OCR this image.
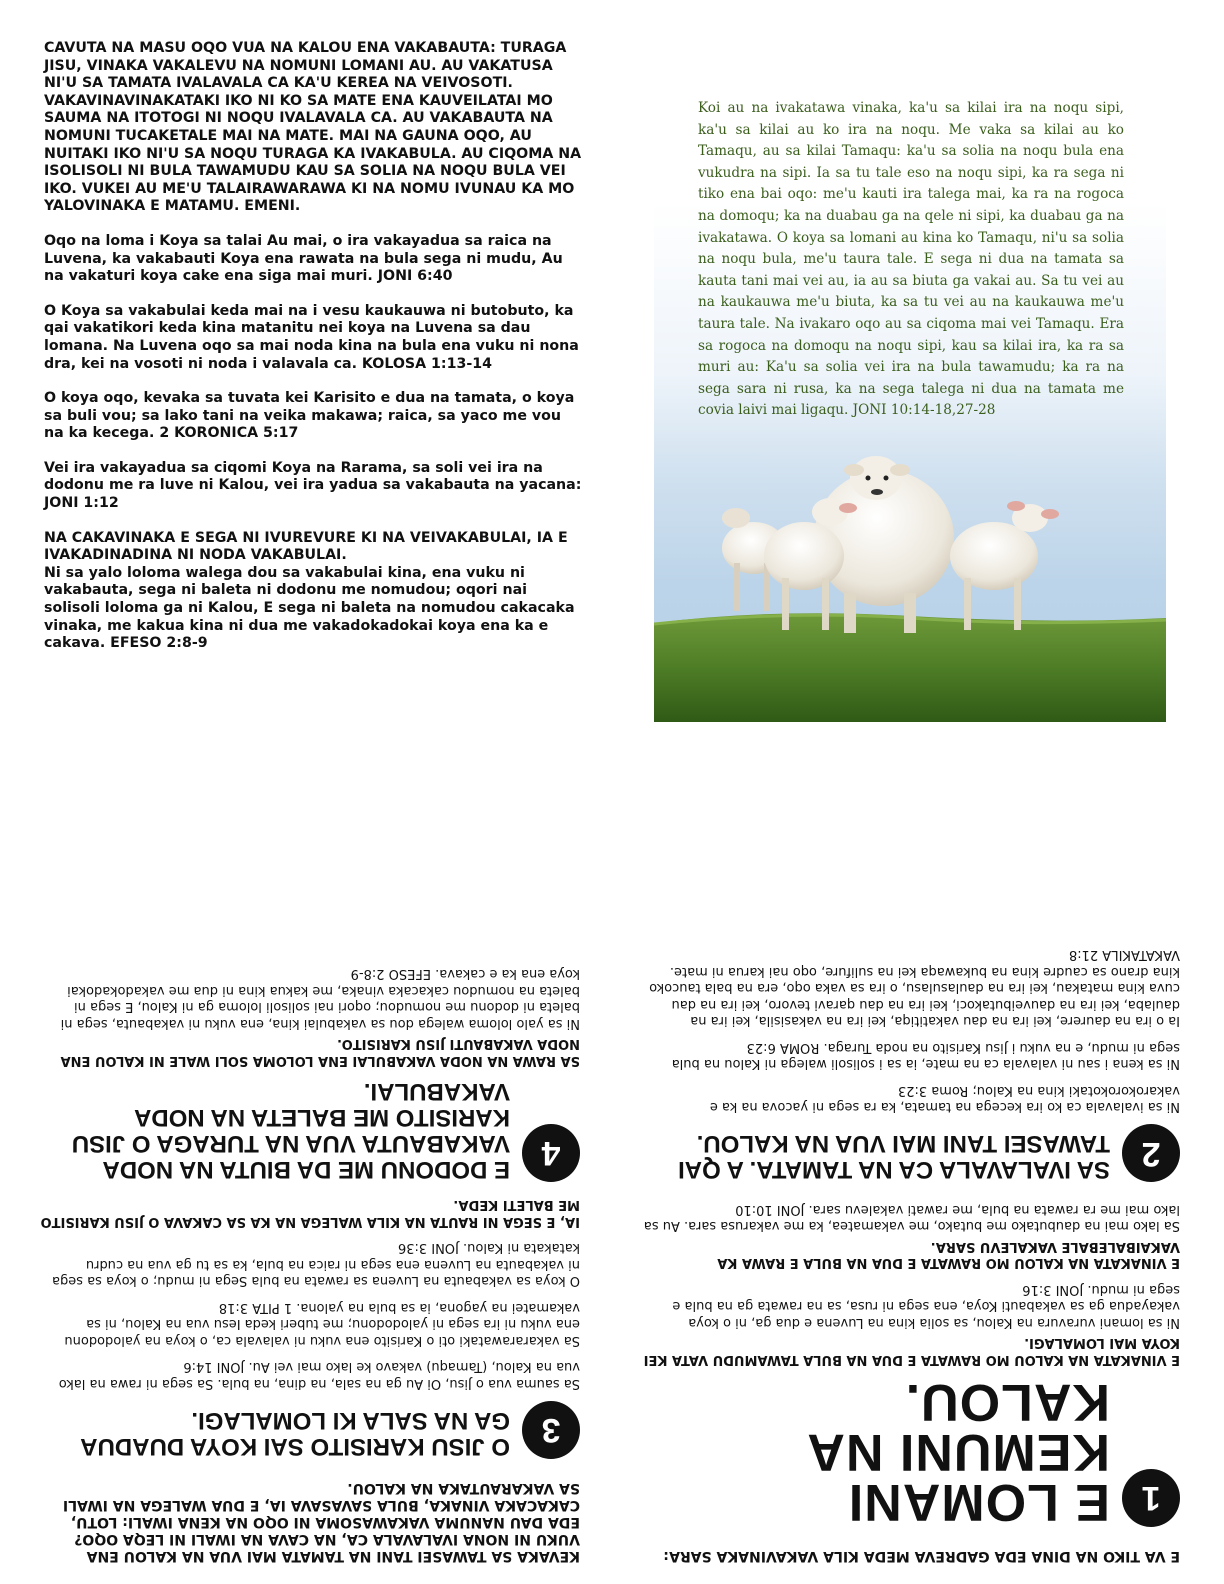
CAVUTA NA MASU OQO VUA NA KALOU ENA VAKABAUTA: TURAGA JISU, VINAKA VAKALEVU NA NOMUNI LOMANI AU. AU VAKATUSA NI'U SA TAMATA IVALAVALA CA KA'U KEREA NA VEIVOSOTI. VAKAVINAVINAKATAKI IKO NI KO SA MATE ENA KAUVEILATAI MO SAUMA NA ITOTOGI NI NOQU IVALAVALA CA. AU VAKABAUTA NA NOMUNI TUCAKETALE MAI NA MATE. MAI NA GAUNA OQO, AU NUITAKI IKO NI'U SA NOQU TURAGA KA IVAKABULA. AU CIQOMA NA ISOLISOLI NI BULA TAWAMUDU KAU SA SOLIA NA NOQU BULA VEI IKO. VUKEI AU ME'U TALAIRAWARAWA KI NA NOMU IVUNAU KA MO YALOVINAKA E MATAMU. EMENI.

Oqo na loma i Koya sa talai Au mai, o ira vakayadua sa raica na Luvena, ka vakabauti Koya ena rawata na bula sega ni mudu, Au na vakaturi koya cake ena siga mai muri. JONI 6:40

O Koya sa vakabulai keda mai na i vesu kaukauwa ni butobuto, ka qai vakatikori keda kina matanitu nei koya na Luvena sa dau lomana. Na Luvena oqo sa mai noda kina na bula ena vuku ni nona dra, kei na vosoti ni noda i valavala ca. KOLOSA 1:13-14

O koya oqo, kevaka sa tuvata kei Karisito e dua na tamata, o koya sa buli vou; sa lako tani na veika makawa; raica, sa yaco me vou na ka kecega. 2 KORONICA 5:17

Vei ira vakayadua sa ciqomi Koya na Rarama, sa soli vei ira na dodonu me ra luve ni Kalou, vei ira yadua sa vakabauta na yacana: JONI 1:12

NA CAKAVINAKA E SEGA NI IVUREVURE KI NA VEIVAKABULAI, IA E IVAKADINADINA NI NODA VAKABULAI.

Ni sa yalo loloma walega dou sa vakabulai kina, ena vuku ni vakabauta, sega ni baleta ni dodonu me nomudou; oqori nai solisoli loloma ga ni Kalou, E sega ni baleta na nomudou cakacaka vinaka, me kakua kina ni dua me vakadokadokai koya ena ka e cakava. EFESO 2:8-9

Koi au na ivakatawa vinaka, ka'u sa kilai ira na noqu sipi, ka'u sa kilai au ko ira na noqu. Me vaka sa kilai au ko Tamaqu, au sa kilai Tamaqu: ka'u sa solia na noqu bula ena vukudra na sipi. Ia sa tu tale eso na noqu sipi, ka ra sega ni tiko ena bai oqo: me'u kauti ira talega mai, ka ra na rogoca na domoqu; ka na duabau ga na qele ni sipi, ka duabau ga na ivakatawa. O koya sa lomani au kina ko Tamaqu, ni'u sa solia na noqu bula, me'u taura tale. E sega ni dua na tamata sa kauta tani mai vei au, ia au sa biuta ga vakai au. Sa tu vei au na kaukauwa me'u biuta, ka sa tu vei au na kaukauwa me'u taura tale. Na ivakaro oqo au sa ciqoma mai vei Tamaqu. Era sa rogoca na domoqu na noqu sipi, kau sa kilai ira, ka ra sa muri au: Ka'u sa solia vei ira na bula tawamudu; ka ra na sega sara ni rusa, ka na sega talega ni dua na tamata me covia laivi mai ligaqu. JONI 10:14-18,27-28

E VA TIKO NA DINA EDA GADREVA MEDA KILA VAKAVINAKA SARA:

1

E LOMANI KEMUNI NA KALOU.

E VINAKATA NA KALOU MO RAWATA E DUA NA BULA TAWAMUDU VATA KEI KOYA MAI LOMALAGI.

Ni sa lomani vuravura na Kalou, sa solia kina na Luvena e dua ga, ni o koya vakayadua ga sa vakabauti Koya, ena sega ni rusa, sa na rawata ga na bula e sega ni mudu. JONI 3:16

E VINAKATA NA KALOU MO RAWATA E DUA NA BULA E RAWA KA VAKAIBALEBALE VAKALEVU SARA.

Sa lako mai na daubutako me butako, me vakamatea, ka me vakarusa sara. Au sa lako mai me ra rawata na bula, me rawati vakalevu sara. JONI 10:10

2

SA IVALAVALA CA NA TAMATA. A QAI TAWASEI TANI MAI VUA NA KALOU.

Ni sa ivalavala ca ko ira kecega na tamata, ka ra sega ni yacova na ka e vakarokorokotaki kina na Kalou; Roma 3:23

Ni sa kena i sau ni valavala ca na mate, ia sa i solisoli walega ni Kalou na bula sega ni mudu, e na vuku i Jisu Karisito na noda Turaga. ROMA 6:23

Ia o ira na daurere, kei ira na dau vakatitiqa, kei ira na vakasisila, kei ira na daulaba, kei ira na dauveibutakoci, kei ira na dau qaravi tevoro, kei ira na dau cuva kina matakau, kei ira na daulasulasu, o ira sa vaka oqo, era na bala taucoko kina drano sa caudre kina na bukawaqa kei na sulifure, oqo nai karua ni mate. VAKATAKILA 21:8

KEVAKA SA TAWASEI TANI NA TAMATA MAI VUA NA KALOU ENA VUKU NI NONA IVALAVALA CA, NA CAVA NA IWALI NI LEQA OQO? EDA DAU NANUMA VAKAWASOMA NI OQO NA KENA IWALI: LOTU, CAKACAKA VINAKA, BULA SAVASAVA IA, E DUA WALEGA NA IWALI SA VAKARAUTAKA NA KALOU.

3

O JISU KARISITO SAI KOYA DUADUA GA NA SALA KI LOMALAGI.

Sa sauma vua o Jisu, Oi Au ga na sala, na dina, na bula. Sa sega ni rawa na lako vua na Kalou, (Tamaqu) vakavo ke lako mai vei Au. JONI 14:6

Sa vakararawataki oti o Karisito ena vuku ni valavala ca, o koya na yalododonu ena vuku ni ira sega ni yalododonu; me tuberi keda Iesu vua na Kalou, ni sa vakamatei na yagona, ia sa bula na yalona. 1 PITA 3:18

O koya sa vakabauta na Luvena sa rawata na bula Sega ni mudu; o koya sa sega ni vakabauta na Luvena ena sega ni raica na bula, ka sa tu ga vua na cudru katakata ni Kalou. JONI 3:36

IA, E SEGA NI RAUTA NA KILA WALEGA NA KA SA CAKAVA O JISU KARISITO ME BALETI KEDA.

4

E DODONU ME DA BIUTA NA NODA VAKABAUTA VUA NA TURAGA O JISU KARISITO ME BALETA NA NODA VAKABULAI.

SA RAWA NA NODA VAKABULAI ENA LOLOMA SOLI WALE NI KALOU ENA NODA VAKABAUTI JISU KARISITO.

Ni sa yalo loloma walega dou sa vakabulai kina, ena vuku ni vakabauta, sega ni baleta ni dodonu me nomudou; oqori nai solisoli loloma ga ni Kalou, E sega ni baleta na nomudou cakacaka vinaka, me kakua kina ni dua me vakadokadokai koya ena ka e cakava. EFESO 2:8-9
